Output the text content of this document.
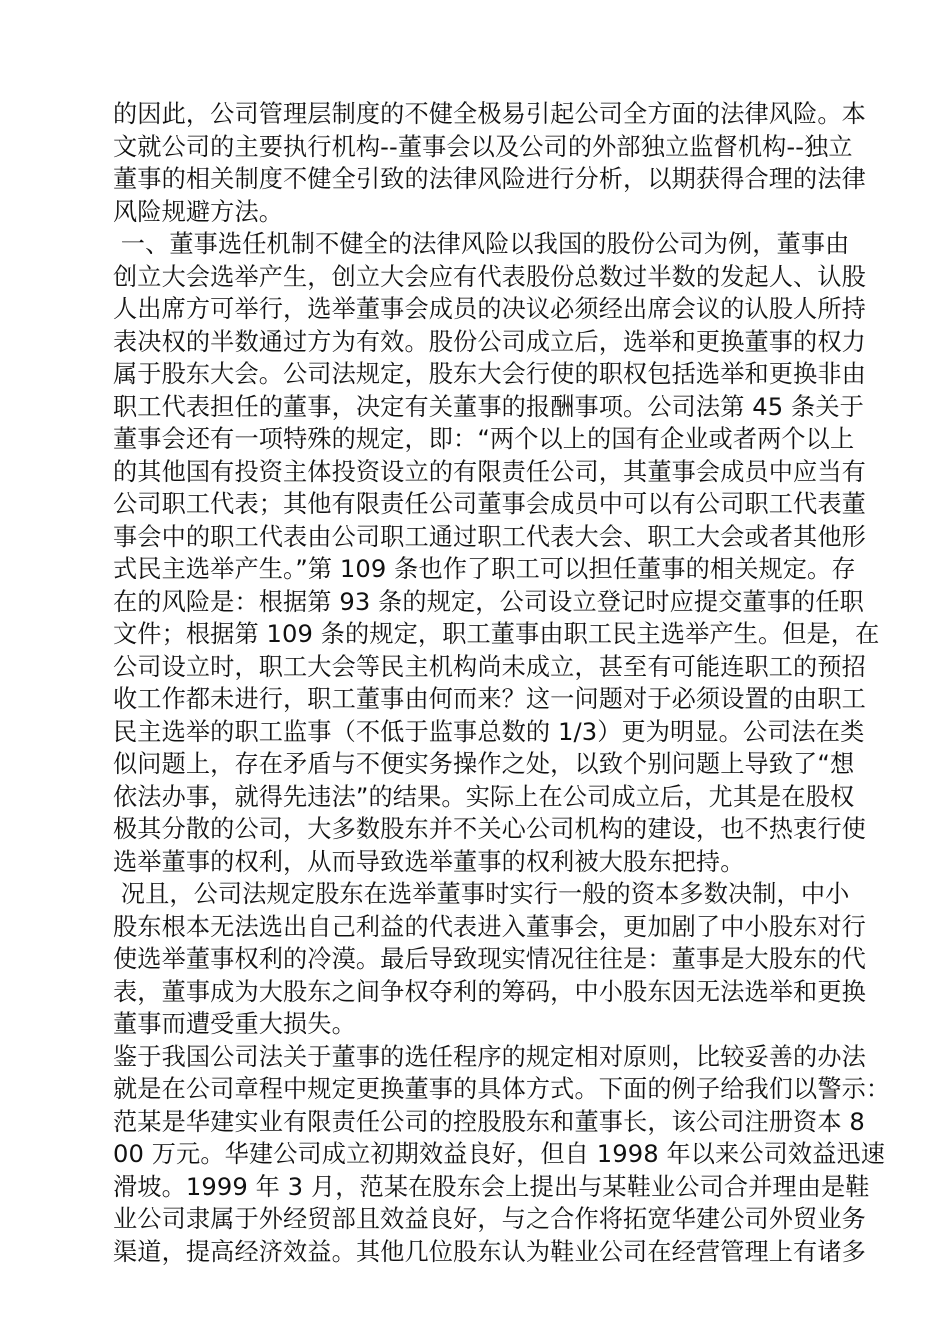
的因此，公司管理层制度的不健全极易引起公司全方面的法律风险。本
文就公司的主要执行机构--董事会以及公司的外部独立监督机构--独立
董事的相关制度不健全引致的法律风险进行分析，以期获得合理的法律
风险规避方法。
一、董事选任机制不健全的法律风险以我国的股份公司为例，董事由
创立大会选举产生，创立大会应有代表股份总数过半数的发起人、认股
人出席方可举行，选举董事会成员的决议必须经出席会议的认股人所持
表决权的半数通过方为有效。股份公司成立后，选举和更换董事的权力
属于股东大会。公司法规定，股东大会行使的职权包括选举和更换非由
职工代表担任的董事，决定有关董事的报酬事项。公司法第 45 条关于
董事会还有一项特殊的规定，即：“两个以上的国有企业或者两个以上
的其他国有投资主体投资设立的有限责任公司，其董事会成员中应当有
公司职工代表；其他有限责任公司董事会成员中可以有公司职工代表董
事会中的职工代表由公司职工通过职工代表大会、职工大会或者其他形
式民主选举产生。”第 109 条也作了职工可以担任董事的相关规定。存
在的风险是：根据第 93 条的规定，公司设立登记时应提交董事的任职
文件；根据第 109 条的规定，职工董事由职工民主选举产生。但是，在
公司设立时，职工大会等民主机构尚未成立，甚至有可能连职工的预招
收工作都未进行，职工董事由何而来？这一问题对于必须设置的由职工
民主选举的职工监事（不低于监事总数的 1/3）更为明显。公司法在类
似问题上，存在矛盾与不便实务操作之处，以致个别问题上导致了“想
依法办事，就得先违法”的结果。实际上在公司成立后，尤其是在股权
极其分散的公司，大多数股东并不关心公司机构的建设，也不热衷行使
选举董事的权利，从而导致选举董事的权利被大股东把持。
况且，公司法规定股东在选举董事时实行一般的资本多数决制，中小
股东根本无法选出自己利益的代表进入董事会，更加剧了中小股东对行
使选举董事权利的冷漠。最后导致现实情况往往是：董事是大股东的代
表，董事成为大股东之间争权夺利的筹码，中小股东因无法选举和更换
董事而遭受重大损失。
鉴于我国公司法关于董事的选任程序的规定相对原则，比较妥善的办法
就是在公司章程中规定更换董事的具体方式。下面的例子给我们以警示：
范某是华建实业有限责任公司的控股股东和董事长，该公司注册资本 8
00 万元。华建公司成立初期效益良好，但自 1998 年以来公司效益迅速
滑坡。1999 年 3 月，范某在股东会上提出与某鞋业公司合并理由是鞋
业公司隶属于外经贸部且效益良好，与之合作将拓宽华建公司外贸业务
渠道，提高经济效益。其他几位股东认为鞋业公司在经营管理上有诸多
